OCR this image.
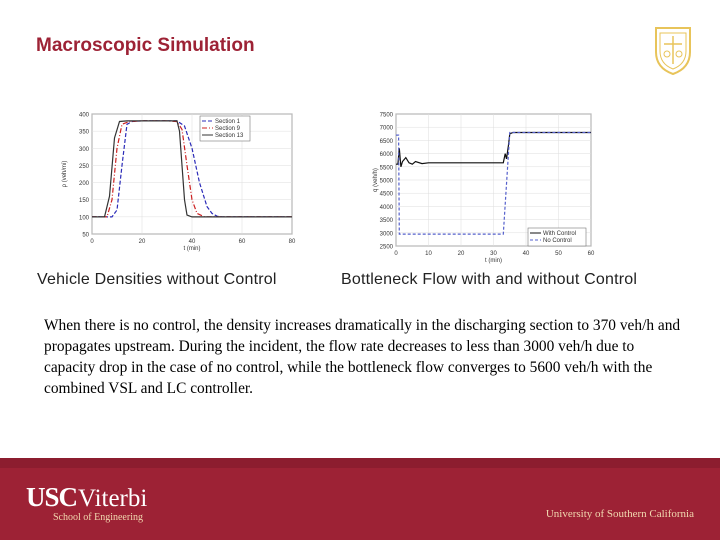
Macroscopic Simulation
50
100
150
200
250
300
350
400
0	20	40	60	80
t (min)
ρ (veh/mi)
Section 1
Section 9
Section 13
2500
3000
3500
4000
4500
5000
5500
6000
6500
7000
7500
0	10	20	30	40	50	60
t (min)
q (veh/h)
With Control
No Control
Vehicle Densities without Control	Bottleneck Flow with and without Control
When there is no control, the density increases dramatically in the discharging section to 370 veh/h and propagates upstream. During the incident, the flow rate decreases to less than 3000 veh/h due to capacity drop in the case of no control, while the bottleneck flow converges to 5600 veh/h with the combined VSL and LC controller.
USCViterbi
School of Engineering	University of Southern California
